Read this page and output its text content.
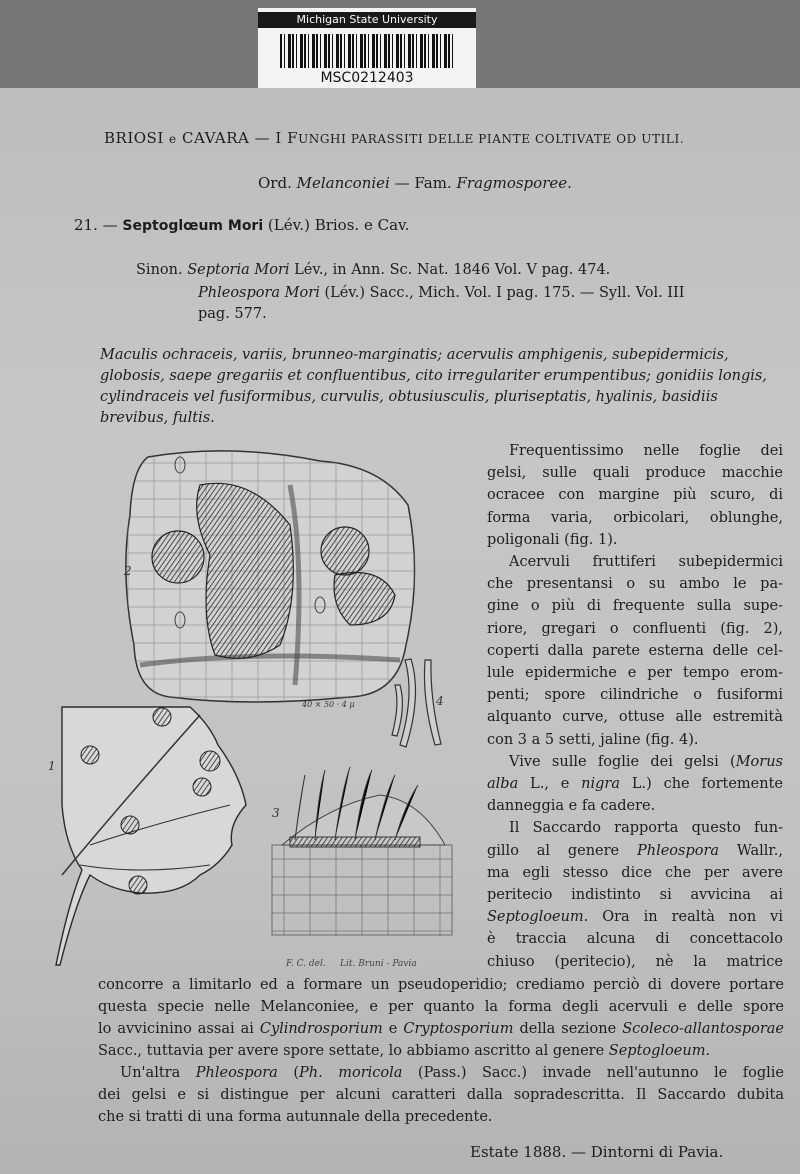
Michigan State University
MSC0212403
BRIOSI e CAVARA — I FUNGHI PARASSITI DELLE PIANTE COLTIVATE OD UTILI.
Ord. Melanconiei — Fam. Fragmosporee.
21. — Septoglœum Mori (Lév.) Brios. e Cav.
Sinon. Septoria Mori Lév., in Ann. Sc. Nat. 1846 Vol. V pag. 474.
Phleospora Mori (Lév.) Sacc., Mich. Vol. I pag. 175. — Syll. Vol. III
pag. 577.
Maculis ochraceis, variis, brunneo-marginatis; acervulis amphigenis, subepidermicis,
globosis, saepe gregariis et confluentibus, cito irregulariter erumpentibus; gonidiis longis,
cylindraceis vel fusiformibus, curvulis, obtusiusculis, pluriseptatis, hyalinis, basidiis
brevibus, fultis.
2
40 × 50 · 4 μ	4
1
3
F. C. del. Lit. Bruni - Pavia
Frequentissimo nelle foglie dei
gelsi, sulle quali produce macchie
ocracee con margine più scuro, di
forma varia, orbicolari, oblunghe,
poligonali (fig. 1).
Acervuli fruttiferi subepidermici
che presentansi o su ambo le pa-
gine o più di frequente sulla supe-
riore, gregari o confluenti (fig. 2),
coperti dalla parete esterna delle cel-
lule epidermiche e per tempo erom-
penti; spore cilindriche o fusiformi
alquanto curve, ottuse alle estremità
con 3 a 5 setti, jaline (fig. 4).
Vive sulle foglie dei gelsi (Morus
alba L., e nigra L.) che fortemente
danneggia e fa cadere.
Il Saccardo rapporta questo fun-
gillo al genere Phleospora Wallr.,
ma egli stesso dice che per avere
peritecio indistinto si avvicina ai
Septogloeum. Ora in realtà non vi
è traccia alcuna di concettacolo
chiuso (peritecio), nè la matrice
concorre a limitarlo ed a formare un pseudoperidio; crediamo perciò di dovere portare
questa specie nelle Melanconiee, e per quanto la forma degli acervuli e delle spore
lo avvicinino assai ai Cylindrosporium e Cryptosporium della sezione Scoleco-allantosporae
Sacc., tuttavia per avere spore settate, lo abbiamo ascritto al genere Septogloeum.
Un'altra Phleospora (Ph. moricola (Pass.) Sacc.) invade nell'autunno le foglie
dei gelsi e si distingue per alcuni caratteri dalla sopradescritta. Il Saccardo dubita
che si tratti di una forma autunnale della precedente.
Estate 1888. — Dintorni di Pavia.
